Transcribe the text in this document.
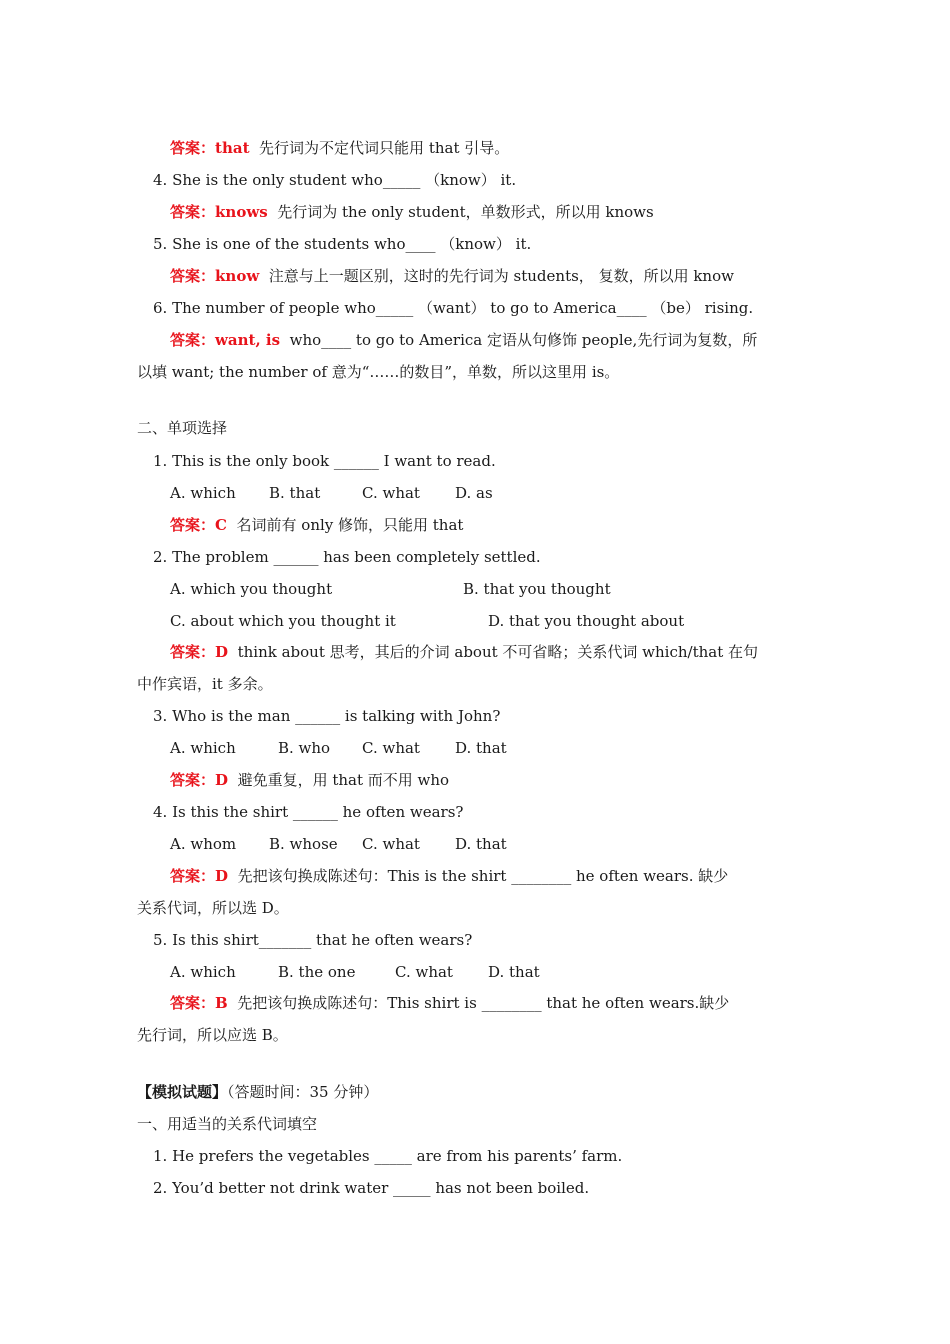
答案：that 先行词为不定代词只能用 that 引导。
4. She is the only student who_____ （know） it.
答案：knows 先行词为 the only student，单数形式，所以用 knows
5. She is one of the students who____ （know） it.
答案：know 注意与上一题区别，这时的先行词为 students， 复数，所以用 know
6. The number of people who_____ （want） to go to America____ （be） rising.
答案：want, is who____ to go to America 定语从句修饰 people,先行词为复数，所
以填 want; the number of 意为“……的数目”，单数，所以这里用 is。
二、单项选择
1. This is the only book ______ I want to read.
A. which B. that	C. what D. as
答案：C 名词前有 only 修饰，只能用 that
2. The problem ______ has been completely settled.
A. which you thought	B. that you thought
C. about which you thought it	D. that you thought about
答案：D think about 思考，其后的介词 about 不可省略；关系代词 which/that 在句
中作宾语，it 多余。
3. Who is the man ______ is talking with John?
A. which	B. who C. what D. that
答案：D 避免重复，用 that 而不用 who
4. Is this the shirt ______ he often wears?
A. whom B. whose C. what D. that
答案：D 先把该句换成陈述句：This is the shirt ________ he often wears. 缺少
关系代词，所以选 D。
5. Is this shirt_______ that he often wears?
A. which	B. the one	C. what D. that
答案：B 先把该句换成陈述句：This shirt is ________ that he often wears.缺少
先行词，所以应选 B。
【模拟试题】（答题时间：35 分钟）
一、用适当的关系代词填空
1. He prefers the vegetables _____ are from his parents’ farm.
2. You’d better not drink water _____ has not been boiled.
